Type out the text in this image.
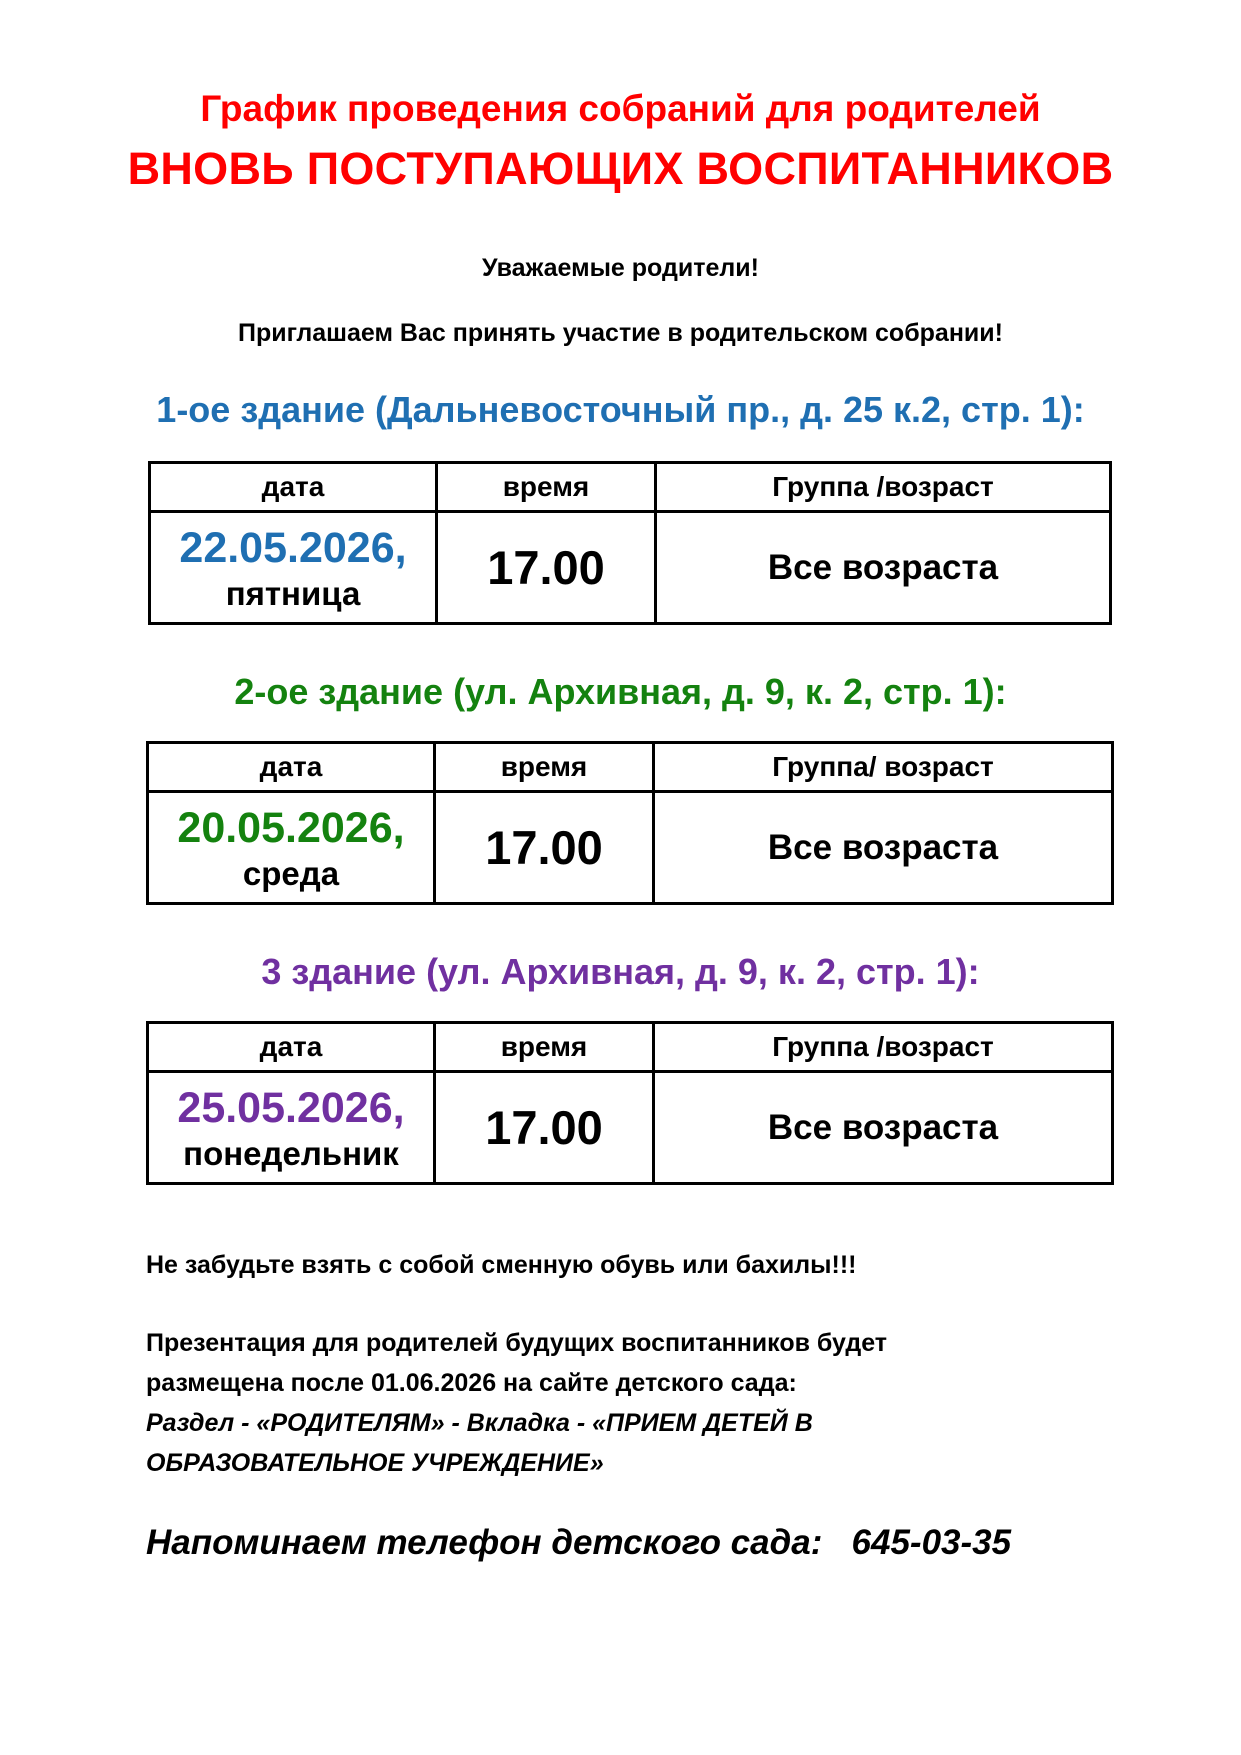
График проведения собраний для родителей
ВНОВЬ ПОСТУПАЮЩИХ ВОСПИТАННИКОВ
Уважаемые родители!
Приглашаем Вас принять участие в родительском собрании!
1-ое здание (Дальневосточный пр., д. 25 к.2, стр. 1):
дата	время	Группа /возраст

22.05.2026,
пятница	17.00	Все возраста
2-ое здание (ул. Архивная, д. 9, к. 2, стр. 1):
дата	время	Группа/ возраст

20.05.2026,
среда	17.00	Все возраста
3 здание (ул. Архивная, д. 9, к. 2, стр. 1):
дата	время	Группа /возраст

25.05.2026,
понедельник	17.00	Все возраста
Не забудьте взять с собой сменную обувь или бахилы!!!
Презентация для родителей будущих воспитанников будет
размещена после 01.06.2026 на сайте детского сада:
Раздел - «РОДИТЕЛЯМ» - Вкладка - «ПРИЕМ ДЕТЕЙ В
ОБРАЗОВАТЕЛЬНОЕ УЧРЕЖДЕНИЕ»
Напоминаем телефон детского сада:   645-03-35
